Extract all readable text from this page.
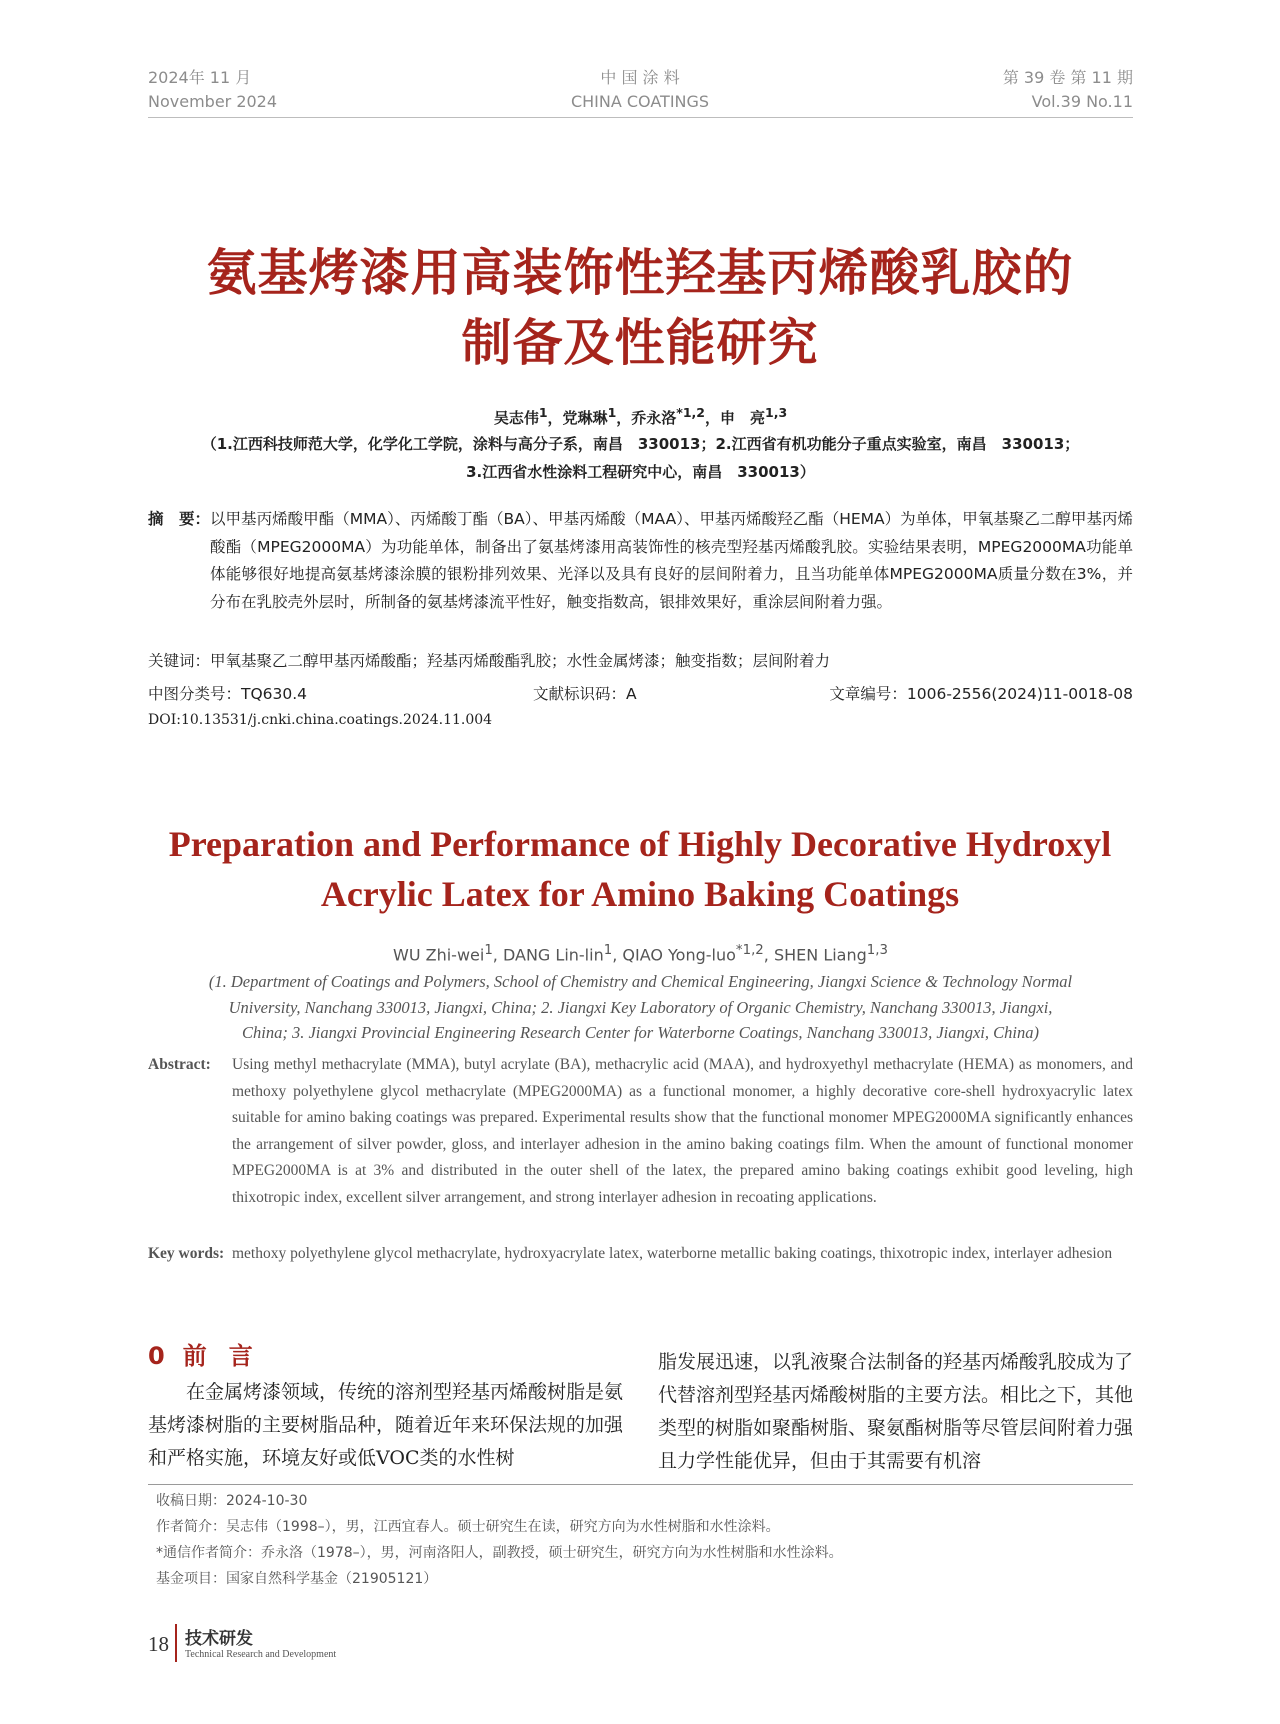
2024年 11 月
November 2024
中 国 涂 料
CHINA COATINGS
第 39 卷 第 11 期
Vol.39 No.11
氨基烤漆用高装饰性羟基丙烯酸乳胶的
制备及性能研究
吴志伟$^1$，党琳琳$^1$，乔永洛$^{*1,2}$，申　亮$^{1,3}$
（1.江西科技师范大学，化学化工学院，涂料与高分子系，南昌　330013；2.江西省有机功能分子重点实验室，南昌　330013；
3.江西省水性涂料工程研究中心，南昌　330013）
摘　要： 以甲基丙烯酸甲酯（MMA）、丙烯酸丁酯（BA）、甲基丙烯酸（MAA）、甲基丙烯酸羟乙酯（HEMA）为单体，甲氧基聚乙二醇甲基丙烯酸酯（MPEG2000MA）为功能单体，制备出了氨基烤漆用高装饰性的核壳型羟基丙烯酸乳胶。实验结果表明，MPEG2000MA功能单体能够很好地提高氨基烤漆涂膜的银粉排列效果、光泽以及具有良好的层间附着力，且当功能单体MPEG2000MA质量分数在3%，并分布在乳胶壳外层时，所制备的氨基烤漆流平性好，触变指数高，银排效果好，重涂层间附着力强。
关键词：甲氧基聚乙二醇甲基丙烯酸酯；羟基丙烯酸酯乳胶；水性金属烤漆；触变指数；层间附着力
中图分类号：TQ630.4	文献标识码：A	文章编号：1006-2556(2024)11-0018-08
DOI:10.13531/j.cnki.china.coatings.2024.11.004
Preparation and Performance of Highly Decorative Hydroxyl
Acrylic Latex for Amino Baking Coatings
WU Zhi-wei$^1$, DANG Lin-lin$^1$, QIAO Yong-luo$^{*1,2}$, SHEN Liang$^{1,3}$
(1. Department of Coatings and Polymers, School of Chemistry and Chemical Engineering, Jiangxi Science & Technology Normal
University, Nanchang 330013, Jiangxi, China; 2. Jiangxi Key Laboratory of Organic Chemistry, Nanchang 330013, Jiangxi,
China; 3. Jiangxi Provincial Engineering Research Center for Waterborne Coatings, Nanchang 330013, Jiangxi, China)
Abstract: Using methyl methacrylate (MMA), butyl acrylate (BA), methacrylic acid (MAA), and hydroxyethyl methacrylate (HEMA) as monomers, and methoxy polyethylene glycol methacrylate (MPEG2000MA) as a functional monomer, a highly decorative core-shell hydroxyacrylic latex suitable for amino baking coatings was prepared. Experimental results show that the functional monomer MPEG2000MA significantly enhances the arrangement of silver powder, gloss, and interlayer adhesion in the amino baking coatings film. When the amount of functional monomer MPEG2000MA is at 3% and distributed in the outer shell of the latex, the prepared amino baking coatings exhibit good leveling, high thixotropic index, excellent silver arrangement, and strong interlayer adhesion in recoating applications.
Key words: methoxy polyethylene glycol methacrylate, hydroxyacrylate latex, waterborne metallic baking coatings, thixotropic index, interlayer adhesion
0 前言

在金属烤漆领域，传统的溶剂型羟基丙烯酸树脂是氨基烤漆树脂的主要树脂品种，随着近年来环保法规的加强和严格实施，环境友好或低VOC类的水性树

脂发展迅速，以乳液聚合法制备的羟基丙烯酸乳胶成为了代替溶剂型羟基丙烯酸树脂的主要方法。相比之下，其他类型的树脂如聚酯树脂、聚氨酯树脂等尽管层间附着力强且力学性能优异，但由于其需要有机溶

收稿日期：2024-10-30
作者简介：吴志伟（1998–），男，江西宜春人。硕士研究生在读，研究方向为水性树脂和水性涂料。
*通信作者简介：乔永洛（1978–），男，河南洛阳人，副教授，硕士研究生，研究方向为水性树脂和水性涂料。
基金项目：国家自然科学基金（21905121）
18 技术研发
Technical Research and Development
